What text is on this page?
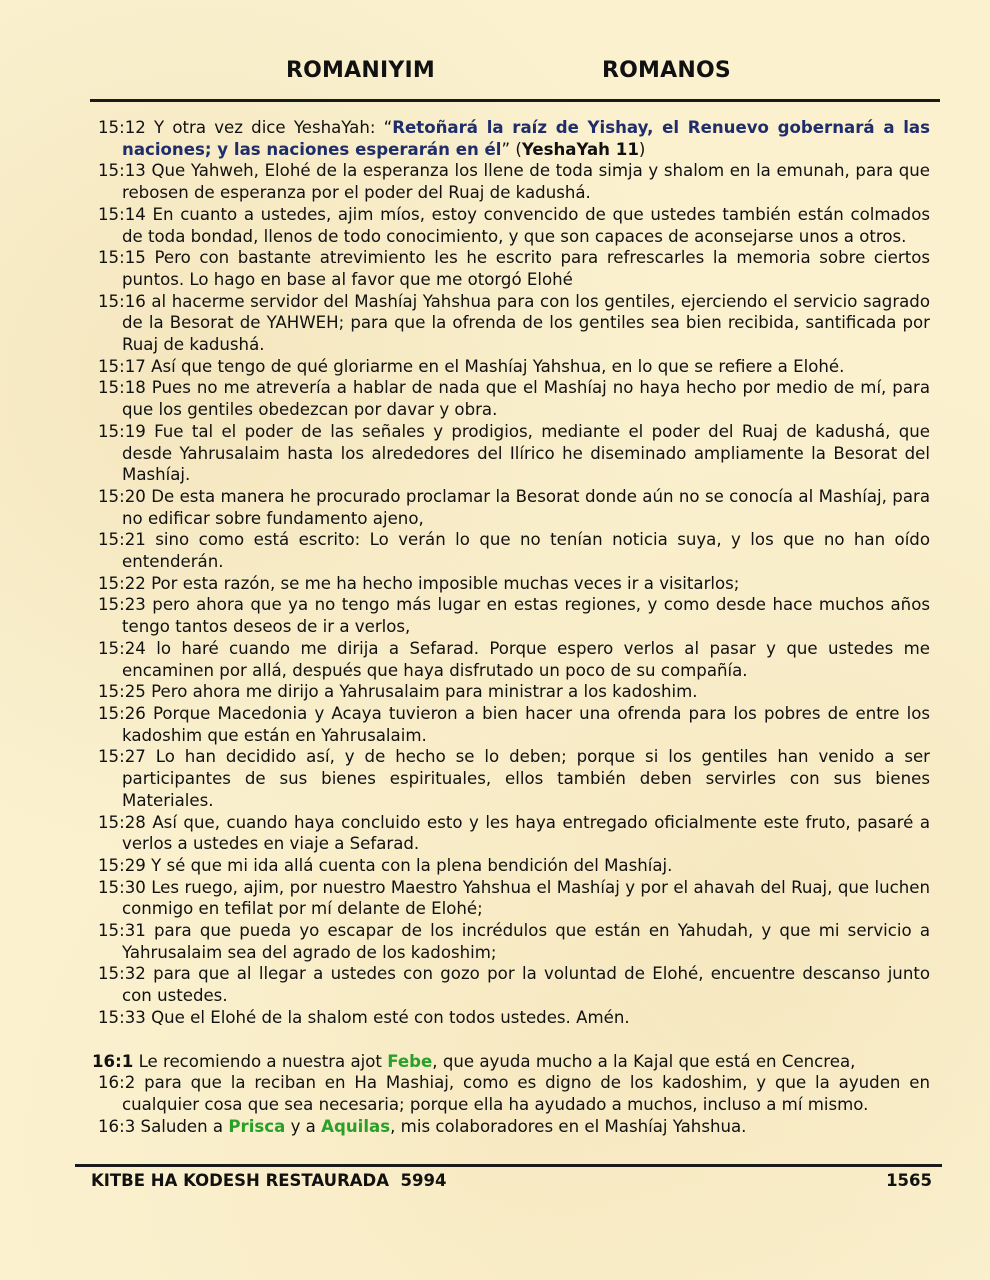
ROMANIYIM	ROMANOS
15:12 Y otra vez dice YeshaYah: “Retoñará la raíz de Yishay, el Renuevo gobernará a las naciones; y las naciones esperarán en él” (YeshaYah 11)
15:13 Que Yahweh, Elohé de la esperanza los llene de toda simja y shalom en la emunah, para que rebosen de esperanza por el poder del Ruaj de kadushá.
15:14 En cuanto a ustedes, ajim míos, estoy convencido de que ustedes también están colmados de toda bondad, llenos de todo conocimiento, y que son capaces de aconsejarse unos a otros.
15:15 Pero con bastante atrevimiento les he escrito para refrescarles la memoria sobre ciertos puntos. Lo hago en base al favor que me otorgó Elohé
15:16 al hacerme servidor del Mashíaj Yahshua para con los gentiles, ejerciendo el servicio sagrado de la Besorat de YAHWEH; para que la ofrenda de los gentiles sea bien recibida, santificada por Ruaj de kadushá.
15:17 Así que tengo de qué gloriarme en el Mashíaj Yahshua, en lo que se refiere a Elohé.
15:18 Pues no me atrevería a hablar de nada que el Mashíaj no haya hecho por medio de mí, para que los gentiles obedezcan por davar y obra.
15:19 Fue tal el poder de las señales y prodigios, mediante el poder del Ruaj de kadushá, que desde Yahrusalaim hasta los alrededores del Ilírico he diseminado ampliamente la Besorat del Mashíaj.
15:20 De esta manera he procurado proclamar la Besorat donde aún no se conocía al Mashíaj, para no edificar sobre fundamento ajeno,
15:21 sino como está escrito: Lo verán lo que no tenían noticia suya, y los que no han oído entenderán.
15:22 Por esta razón, se me ha hecho imposible muchas veces ir a visitarlos;
15:23 pero ahora que ya no tengo más lugar en estas regiones, y como desde hace muchos años tengo tantos deseos de ir a verlos,
15:24 lo haré cuando me dirija a Sefarad. Porque espero verlos al pasar y que ustedes me encaminen por allá, después que haya disfrutado un poco de su compañía.
15:25 Pero ahora me dirijo a Yahrusalaim para ministrar a los kadoshim.
15:26 Porque Macedonia y Acaya tuvieron a bien hacer una ofrenda para los pobres de entre los kadoshim que están en Yahrusalaim.
15:27 Lo han decidido así, y de hecho se lo deben; porque si los gentiles han venido a ser participantes de sus bienes espirituales, ellos también deben servirles con sus bienes Materiales.
15:28 Así que, cuando haya concluido esto y les haya entregado oficialmente este fruto, pasaré a verlos a ustedes en viaje a Sefarad.
15:29 Y sé que mi ida allá cuenta con la plena bendición del Mashíaj.
15:30 Les ruego, ajim, por nuestro Maestro Yahshua el Mashíaj y por el ahavah del Ruaj, que luchen conmigo en tefilat por mí delante de Elohé;
15:31 para que pueda yo escapar de los incrédulos que están en Yahudah, y que mi servicio a Yahrusalaim sea del agrado de los kadoshim;
15:32 para que al llegar a ustedes con gozo por la voluntad de Elohé, encuentre descanso junto con ustedes.
15:33 Que el Elohé de la shalom esté con todos ustedes. Amén.
16:1 Le recomiendo a nuestra ajot Febe, que ayuda mucho a la Kajal que está en Cencrea,
16:2 para que la reciban en Ha Mashiaj, como es digno de los kadoshim, y que la ayuden en cualquier cosa que sea necesaria; porque ella ha ayudado a muchos, incluso a mí mismo.
16:3 Saluden a Prisca y a Aquilas, mis colaboradores en el Mashíaj Yahshua.
KITBE HA KODESH RESTAURADA  5994	1565
